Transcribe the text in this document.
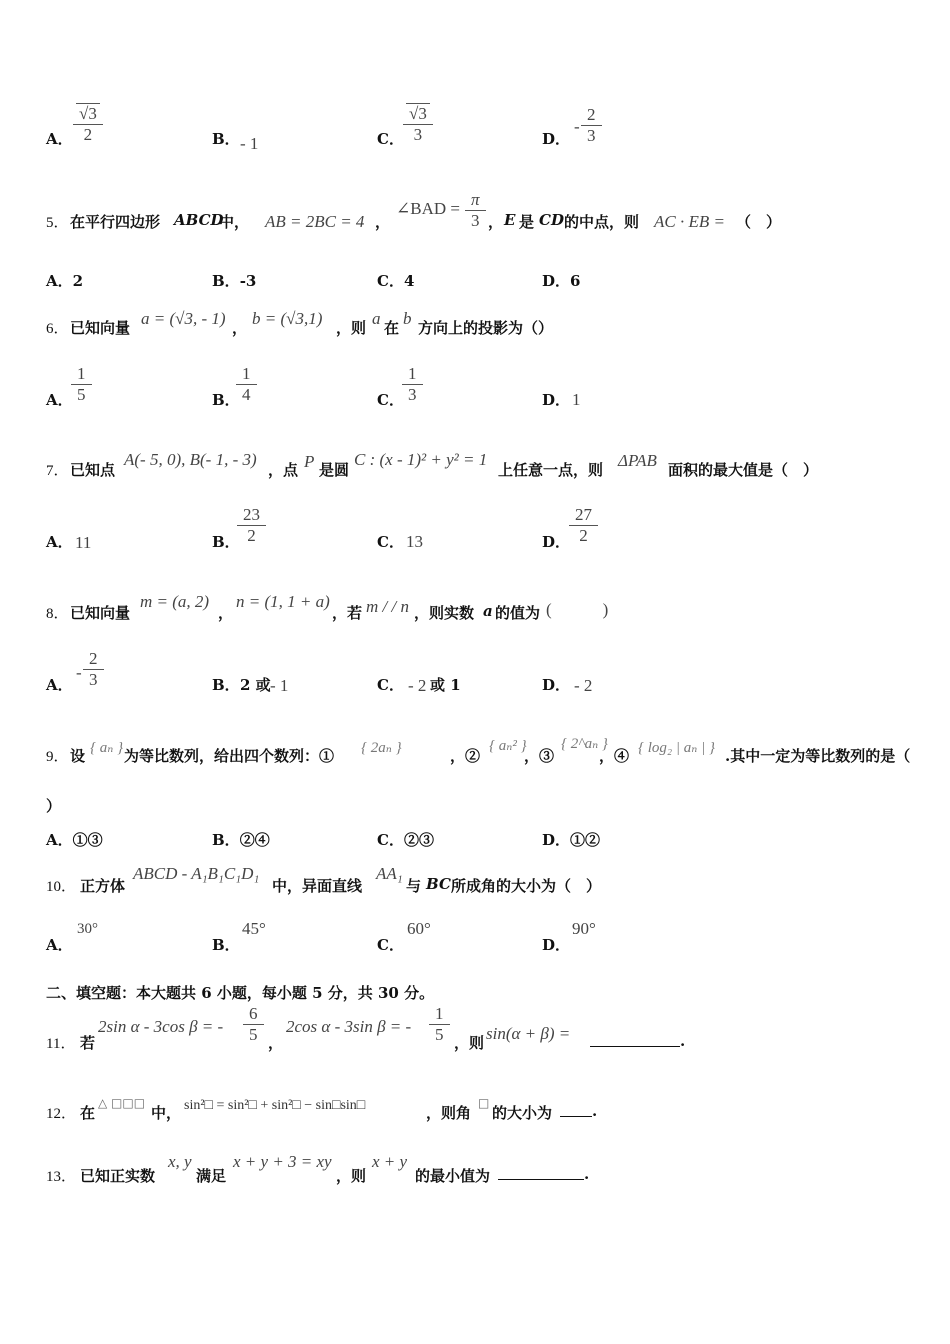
A．
√3
2	B． - 1	C．
√3
3	D．
-
2
3
5． 在平行四边形 ABCD
中， AB = 2BC = 4 ，
∠BAD = π
3 ， E 是 CD 的中点，则 AC · EB = （　）
A．2	B．-3	C．4	D．6
6． 已知向量 a = (√3, - 1) ， b = (√3,1) ，则 a 在 b 方向上的投影为（）
A．
1
5	B．
1
4	C．
1
3	D． 1
7． 已知点
A(- 5, 0), B(- 1, - 3)
，点 P 是圆
C : (x - 1)² + y² = 1
上任意一点，则 ΔPAB 面积的最大值是（　）
A． 11	B．
23
2	C． 13	D．
27
2
8． 已知向量
m = (a, 2)
，
n = (1, 1 + a)
，若 m / / n ，则实数 a 的值为 (　　　)
A．
-
2
3	B． 2 或 - 1	C． - 2 或 1	D． - 2
9． 设 { aₙ } 为等比数列，给出四个数列：① { 2aₙ }	，②
{ aₙ² }
，③
{ 2^aₙ }
，④ { log₂ | aₙ | } .其中一定为等比数列的是（
）
A．①③	B．②④	C．②③	D．①②
10． 正方体
ABCD - A₁B₁C₁D₁
中，异面直线
AA₁
与 BC 所成角的大小为（　）
A．
30°
B．
45°
C．
60°
D．
90°
二、填空题：本大题共 6 小题，每小题 5 分，共 30 分。
11． 若
2sin α - 3cos β = -
6
5 ，
2cos α - 3sin β = -
1
5 ，则 sin(α + β) =	.
12． 在
△ □□□
中， sin²□ = sin²□ + sin²□ − sin□sin□	，则角
□
的大小为	.
13． 已知正实数
x, y
满足
x + y + 3 = xy
，则
x + y
的最小值为	.
